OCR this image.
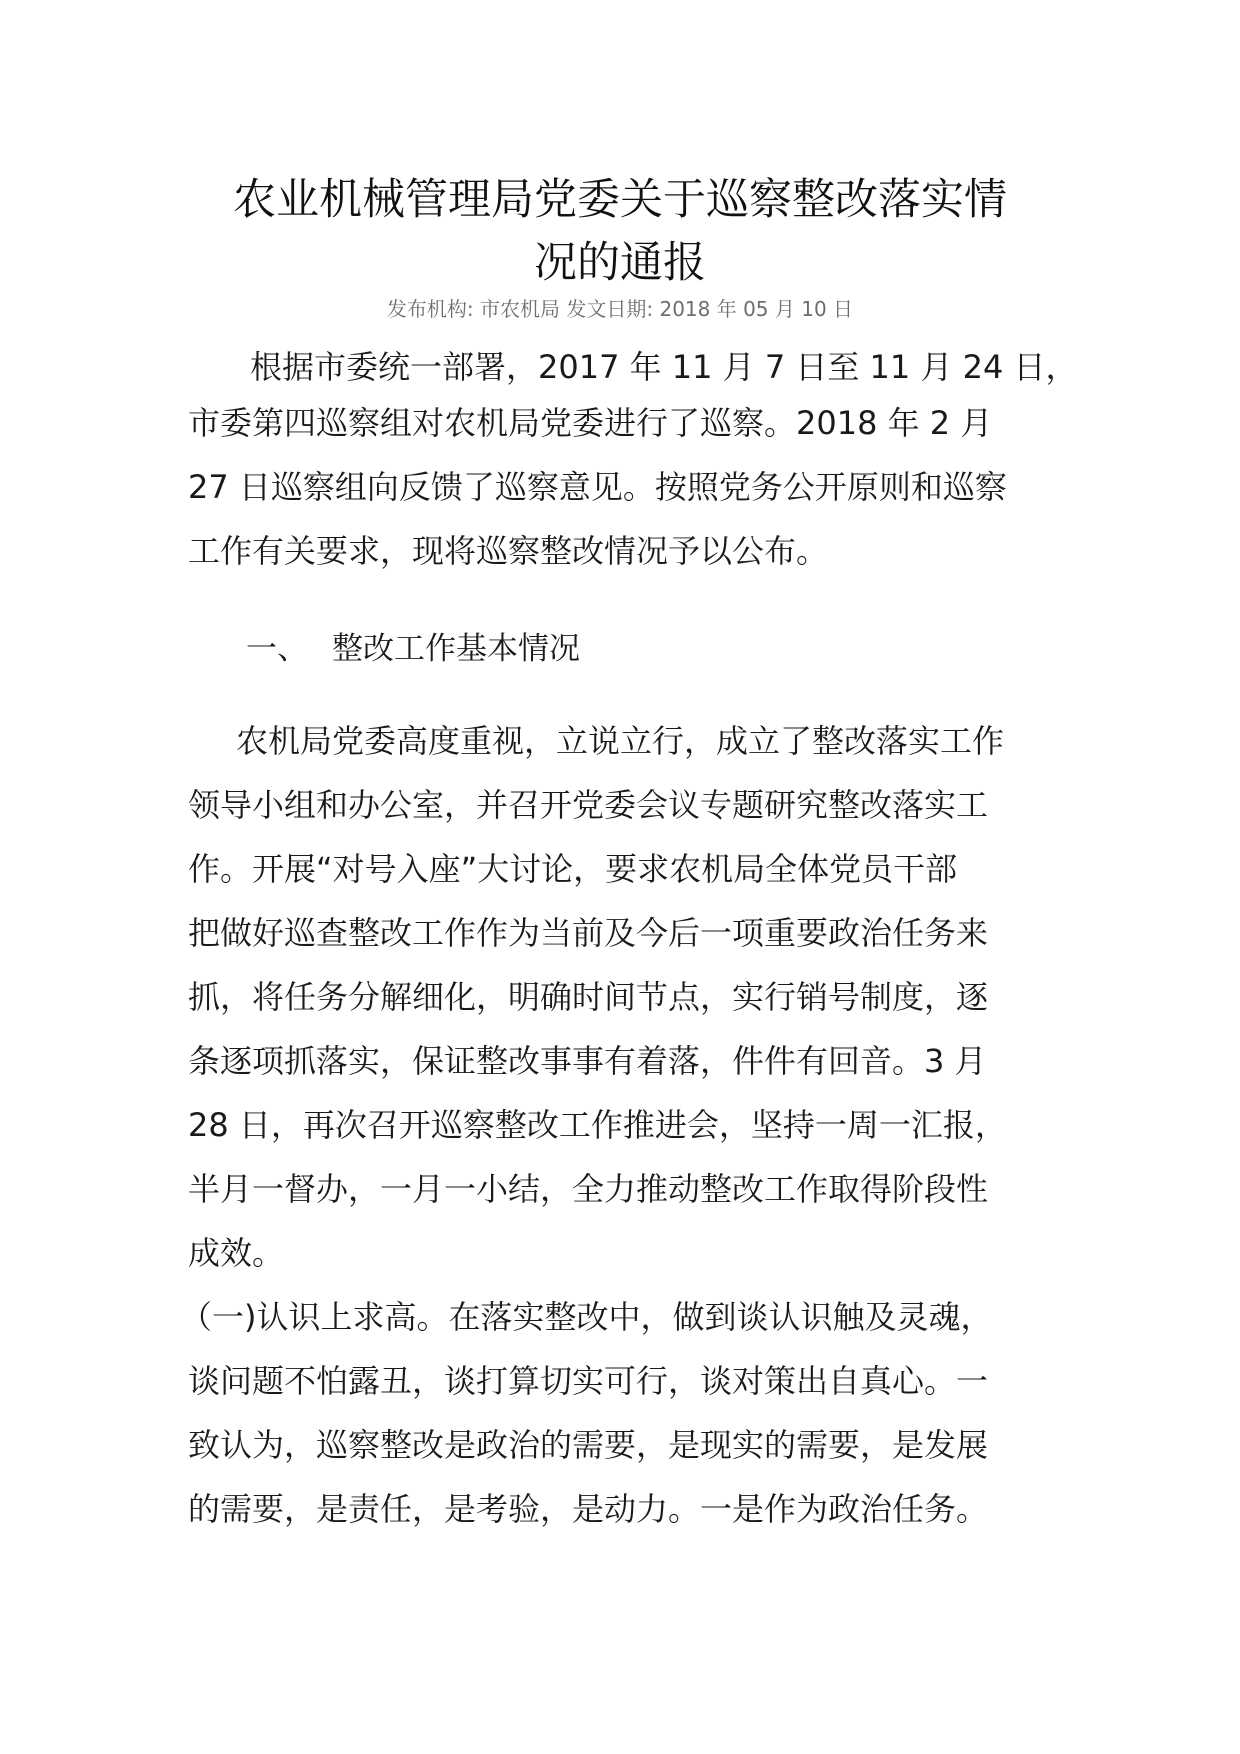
农业机械管理局党委关于巡察整改落实情
况的通报
发布机构: 市农机局 发文日期: 2018 年 05 月 10 日
根据市委统一部署，2017 年 11 月 7 日至 11 月 24 日，
市委第四巡察组对农机局党委进行了巡察。2018 年 2 月
27 日巡察组向反馈了巡察意见。按照党务公开原则和巡察
工作有关要求，现将巡察整改情况予以公布。
一、 整改工作基本情况
农机局党委高度重视，立说立行，成立了整改落实工作
领导小组和办公室，并召开党委会议专题研究整改落实工
作。开展“对号入座”大讨论，要求农机局全体党员干部
把做好巡查整改工作作为当前及今后一项重要政治任务来
抓，将任务分解细化，明确时间节点，实行销号制度，逐
条逐项抓落实，保证整改事事有着落，件件有回音。3 月
28 日，再次召开巡察整改工作推进会，坚持一周一汇报，
半月一督办，一月一小结，全力推动整改工作取得阶段性
成效。
（一)认识上求高。在落实整改中，做到谈认识触及灵魂，
谈问题不怕露丑，谈打算切实可行，谈对策出自真心。一
致认为，巡察整改是政治的需要，是现实的需要，是发展
的需要，是责任，是考验，是动力。一是作为政治任务。
